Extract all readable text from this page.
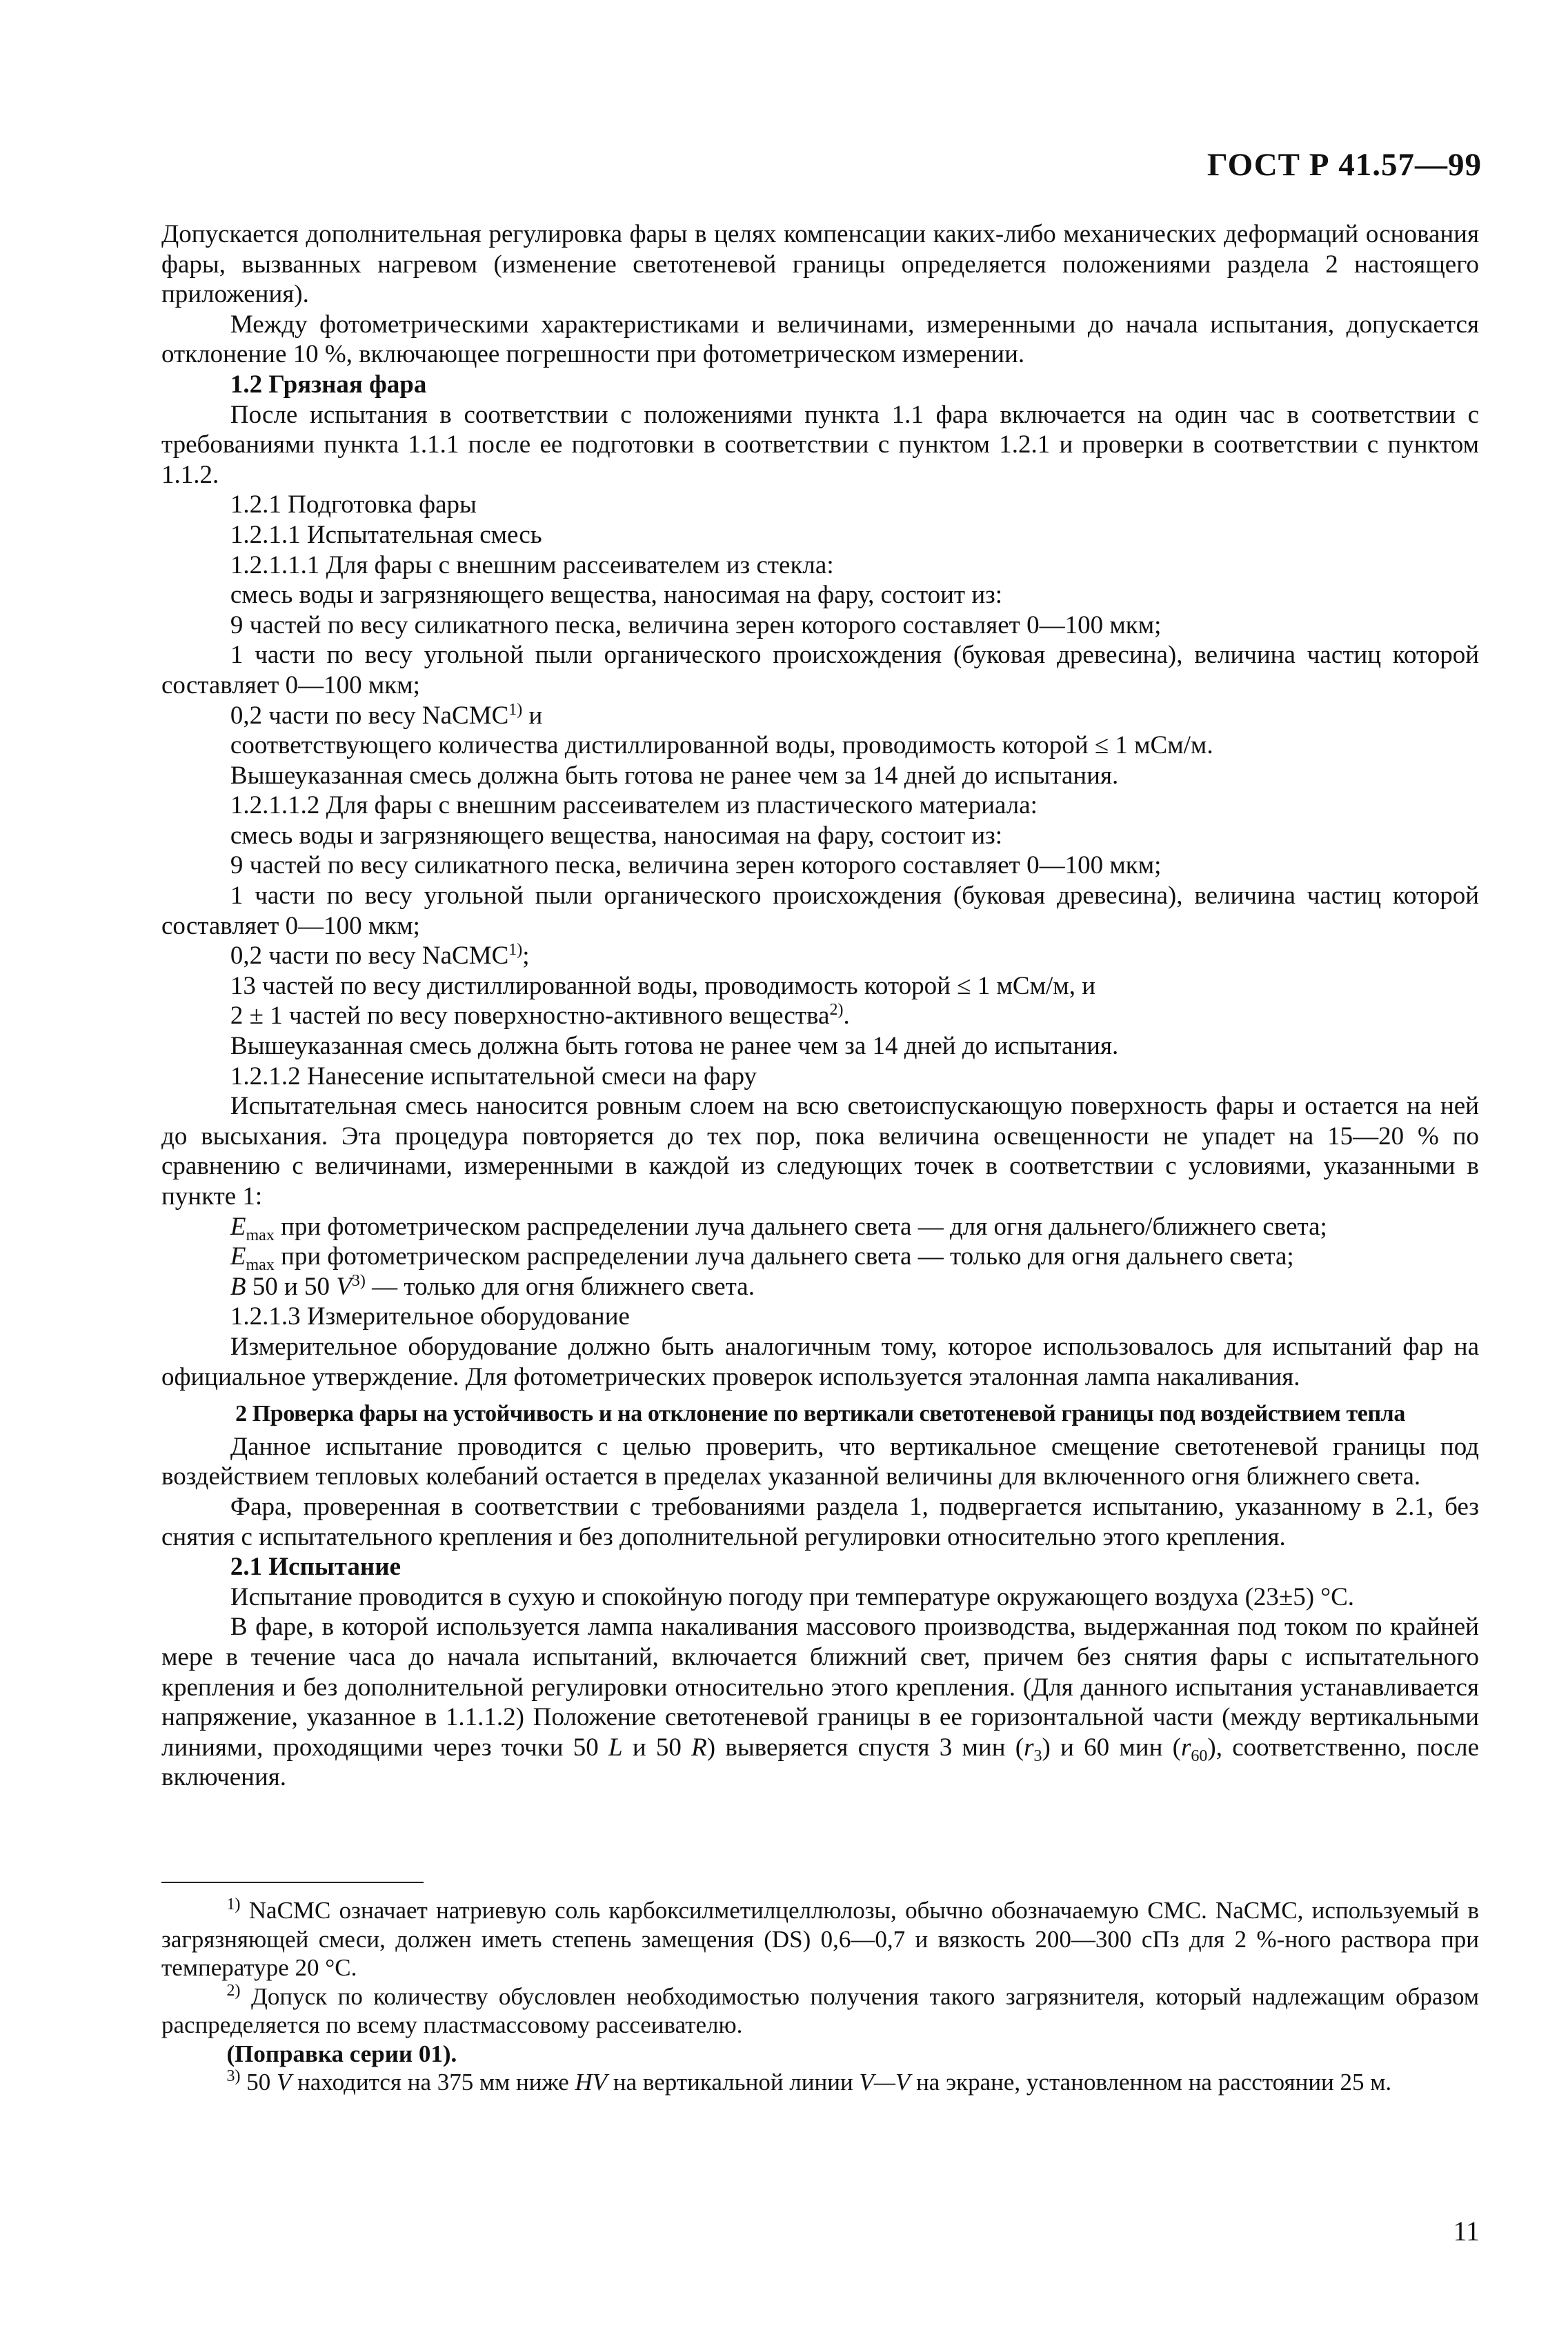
ГОСТ Р 41.57—99

Допускается дополнительная регулировка фары в целях компенсации каких-либо механических деформаций основания фары, вызванных нагревом (изменение светотеневой границы определяется положениями раздела 2 настоящего приложения).

Между фотометрическими характеристиками и величинами, измеренными до начала испытания, допускается отклонение 10 %, включающее погрешности при фотометрическом измерении.

1.2 Грязная фара

После испытания в соответствии с положениями пункта 1.1 фара включается на один час в соответствии с требованиями пункта 1.1.1 после ее подготовки в соответствии с пунктом 1.2.1 и проверки в соответствии с пунктом 1.1.2.

1.2.1 Подготовка фары

1.2.1.1 Испытательная смесь

1.2.1.1.1 Для фары с внешним рассеивателем из стекла:

смесь воды и загрязняющего вещества, наносимая на фару, состоит из:

9 частей по весу силикатного песка, величина зерен которого составляет 0—100 мкм;

1 части по весу угольной пыли органического происхождения (буковая древесина), величина частиц которой составляет 0—100 мкм;

0,2 части по весу NaCMC$^{1)}$ и

соответствующего количества дистиллированной воды, проводимость которой ≤ 1 мСм/м.

Вышеуказанная смесь должна быть готова не ранее чем за 14 дней до испытания.

1.2.1.1.2 Для фары с внешним рассеивателем из пластического материала:

смесь воды и загрязняющего вещества, наносимая на фару, состоит из:

9 частей по весу силикатного песка, величина зерен которого составляет 0—100 мкм;

1 части по весу угольной пыли органического происхождения (буковая древесина), величина частиц которой составляет 0—100 мкм;

0,2 части по весу NaCMC$^{1)}$;

13 частей по весу дистиллированной воды, проводимость которой ≤ 1 мСм/м, и

2 ± 1 частей по весу поверхностно-активного вещества$^{2)}$.

Вышеуказанная смесь должна быть готова не ранее чем за 14 дней до испытания.

1.2.1.2 Нанесение испытательной смеси на фару

Испытательная смесь наносится ровным слоем на всю светоиспускающую поверхность фары и остается на ней до высыхания. Эта процедура повторяется до тех пор, пока величина освещенности не упадет на 15—20 % по сравнению с величинами, измеренными в каждой из следующих точек в соответствии с условиями, указанными в пункте 1:

$E_{max}$ при фотометрическом распределении луча дальнего света — для огня дальнего/ближнего света;

$E_{max}$ при фотометрическом распределении луча дальнего света — только для огня дальнего света;

B 50 и 50 $V^{3)}$ — только для огня ближнего света.

1.2.1.3 Измерительное оборудование

Измерительное оборудование должно быть аналогичным тому, которое использовалось для испытаний фар на официальное утверждение. Для фотометрических проверок используется эталонная лампа накаливания.

2 Проверка фары на устойчивость и на отклонение по вертикали светотеневой границы под воздействием тепла

Данное испытание проводится с целью проверить, что вертикальное смещение светотеневой границы под воздействием тепловых колебаний остается в пределах указанной величины для включенного огня ближнего света.

Фара, проверенная в соответствии с требованиями раздела 1, подвергается испытанию, указанному в 2.1, без снятия с испытательного крепления и без дополнительной регулировки относительно этого крепления.

2.1 Испытание

Испытание проводится в сухую и спокойную погоду при температуре окружающего воздуха (23±5) °С.

В фаре, в которой используется лампа накаливания массового производства, выдержанная под током по крайней мере в течение часа до начала испытаний, включается ближний свет, причем без снятия фары с испытательного крепления и без дополнительной регулировки относительно этого крепления. (Для данного испытания устанавливается напряжение, указанное в 1.1.1.2) Положение светотеневой границы в ее горизонтальной части (между вертикальными линиями, проходящими через точки 50 L и 50 R) выверяется спустя 3 мин $(r_3)$ и 60 мин $(r_{60})$, соответственно, после включения.

$^{1)}$ NaCMC означает натриевую соль карбоксилметилцеллюлозы, обычно обозначаемую СМС. NaCMC, используемый в загрязняющей смеси, должен иметь степень замещения (DS) 0,6—0,7 и вязкость 200—300 сПз для 2 %-ного раствора при температуре 20 °С.

$^{2)}$ Допуск по количеству обусловлен необходимостью получения такого загрязнителя, который надлежащим образом распределяется по всему пластмассовому рассеивателю.

(Поправка серии 01).

$^{3)}$ 50 V находится на 375 мм ниже HV на вертикальной линии V—V на экране, установленном на расстоянии 25 м.

11
